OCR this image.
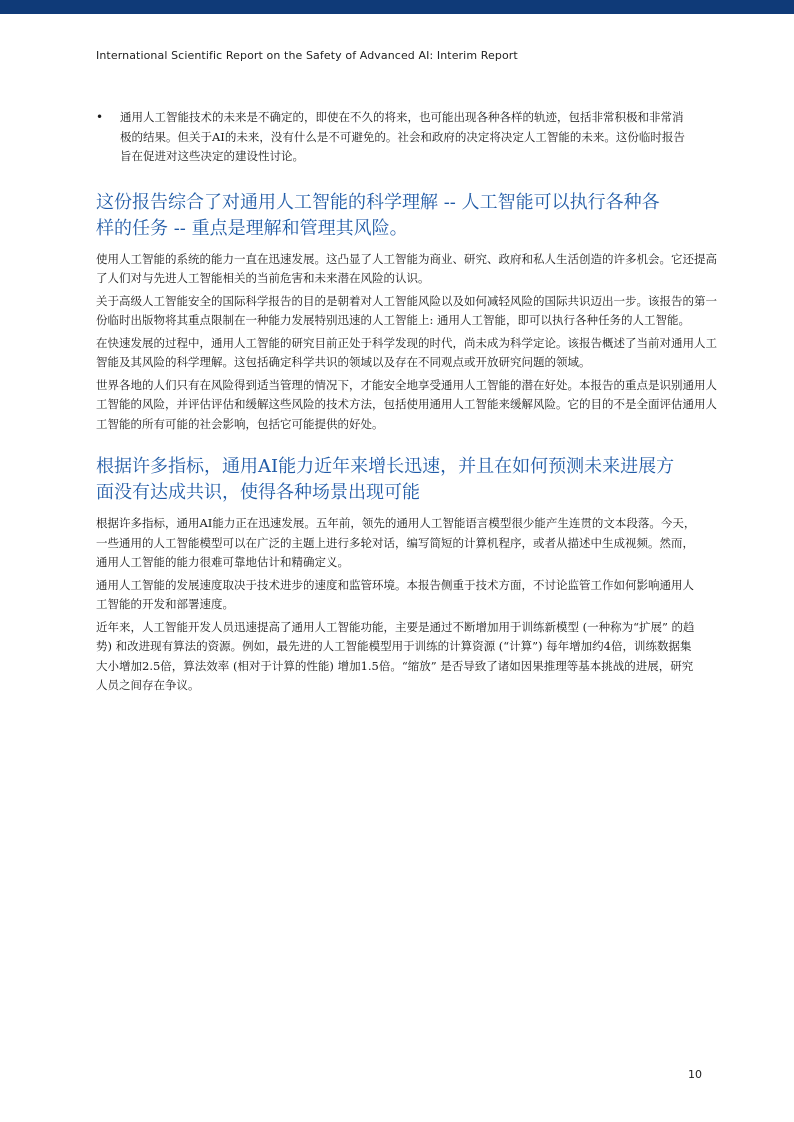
International Scientific Report on the Safety of Advanced AI: Interim Report
• 通用人工智能技术的未来是不确定的，即使在不久的将来，也可能出现各种各样的轨迹，包括非常积极和非常消极的结果。但关于AI的未来，没有什么是不可避免的。社会和政府的决定将决定人工智能的未来。这份临时报告旨在促进对这些决定的建设性讨论。
这份报告综合了对通用人工智能的科学理解 -- 人工智能可以执行各种各样的任务 -- 重点是理解和管理其风险。

使用人工智能的系统的能力一直在迅速发展。这凸显了人工智能为商业、研究、政府和私人生活创造的许多机会。它还提高了人们对与先进人工智能相关的当前危害和未来潜在风险的认识。

关于高级人工智能安全的国际科学报告的目的是朝着对人工智能风险以及如何减轻风险的国际共识迈出一步。该报告的第一份临时出版物将其重点限制在一种能力发展特别迅速的人工智能上: 通用人工智能，即可以执行各种任务的人工智能。

在快速发展的过程中，通用人工智能的研究目前正处于科学发现的时代，尚未成为科学定论。该报告概述了当前对通用人工智能及其风险的科学理解。这包括确定科学共识的领域以及存在不同观点或开放研究问题的领域。

世界各地的人们只有在风险得到适当管理的情况下，才能安全地享受通用人工智能的潜在好处。本报告的重点是识别通用人工智能的风险，并评估评估和缓解这些风险的技术方法，包括使用通用人工智能来缓解风险。它的目的不是全面评估通用人工智能的所有可能的社会影响，包括它可能提供的好处。

根据许多指标，通用AI能力近年来增长迅速，并且在如何预测未来进展方面没有达成共识，使得各种场景出现可能

根据许多指标，通用AI能力正在迅速发展。五年前，领先的通用人工智能语言模型很少能产生连贯的文本段落。今天，一些通用的人工智能模型可以在广泛的主题上进行多轮对话，编写简短的计算机程序，或者从描述中生成视频。然而，通用人工智能的能力很难可靠地估计和精确定义。

通用人工智能的发展速度取决于技术进步的速度和监管环境。本报告侧重于技术方面，不讨论监管工作如何影响通用人工智能的开发和部署速度。

近年来，人工智能开发人员迅速提高了通用人工智能功能，主要是通过不断增加用于训练新模型 (一种称为“扩展” 的趋势) 和改进现有算法的资源。例如，最先进的人工智能模型用于训练的计算资源 (“计算”) 每年增加约4倍，训练数据集大小增加2.5倍，算法效率 (相对于计算的性能) 增加1.5倍。“缩放” 是否导致了诸如因果推理等基本挑战的进展，研究人员之间存在争议。

10
